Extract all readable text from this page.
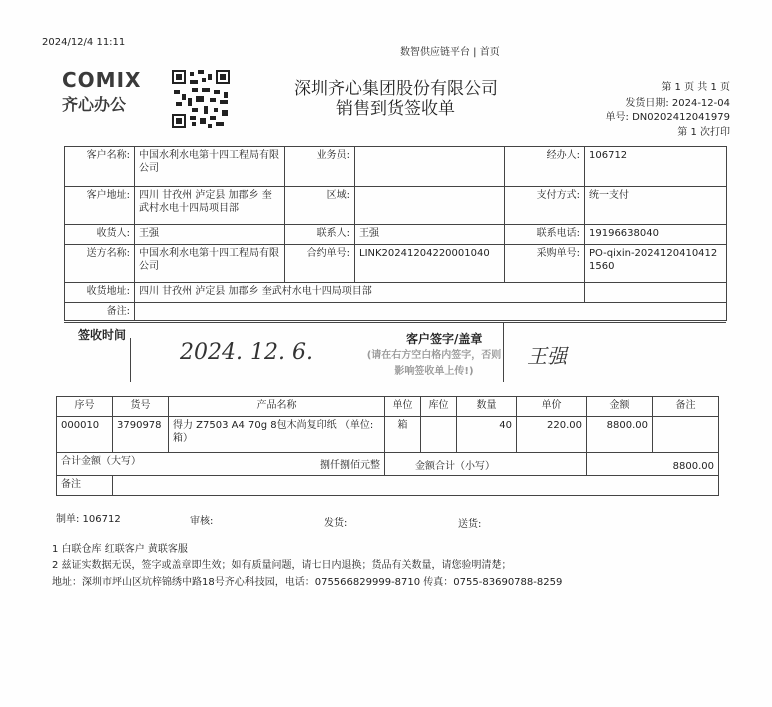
2024/12/4 11:11
数智供应链平台 | 首页
COMIX
齐心办公
深圳齐心集团股份有限公司
销售到货签收单
第 1 页 共 1 页
发货日期: 2024-12-04
单号: DN0202412041979
第 1 次打印
客户名称:	中国水利水电第十四工程局有限公司	业务员:		经办人:	106712
客户地址:	四川 甘孜州 泸定县 加郡乡 奎武村水电十四局项目部	区域:		支付方式:	统一支付
收货人:	王强	联系人:	王强	联系电话:	19196638040
送方名称:	中国水利水电第十四工程局有限公司	合约单号:	LINK20241204220001040	采购单号:	PO-qixin-20241204104121560
收货地址:	四川 甘孜州 泸定县 加郡乡 奎武村水电十四局项目部				
备注:					
签收时间
2024. 12. 6.
客户签字/盖章
(请在右方空白格内签字，否则影响签收单上传!)
王强
序号	货号	产品名称	单位	库位	数量	单价	金额	备注
000010	3790978	得力 Z7503 A4 70g 8包木尚复印纸 （单位:箱）	箱		40	220.00	8800.00	
合计金额（大写） 捌仟捌佰元整			金额合计（小写）				8800.00	
备注								
制单: 106712	审核:	发货:	送货:
1 白联仓库 红联客户 黄联客服
2 兹证实数据无误，签字或盖章即生效；如有质量问题，请七日内退换；货品有关数量，请您验明清楚；
地址：深圳市坪山区坑梓锦绣中路18号齐心科技园，电话：075566829999-8710 传真：0755-83690788-8259
